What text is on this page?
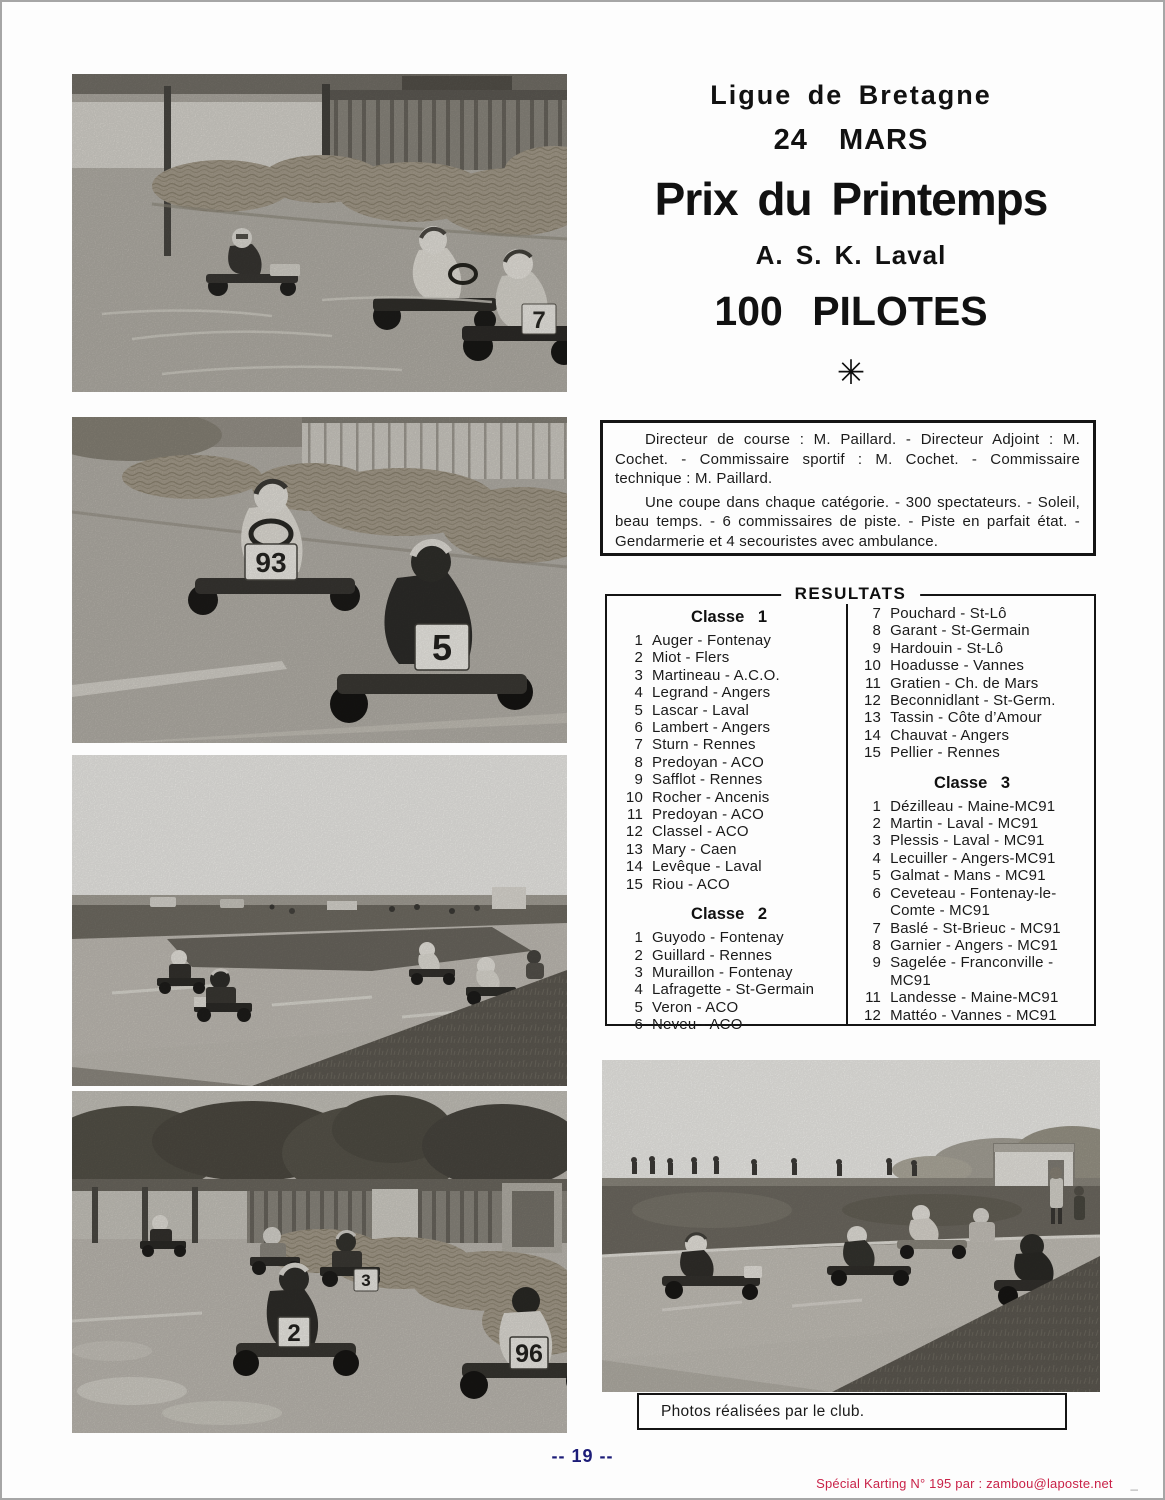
7
93
5
3
2
96
Ligue de Bretagne
24 MARS
Prix du Printemps
A. S. K. Laval
100 PILOTES
✳

Directeur de course : M. Paillard. - Directeur Adjoint : M. Cochet. - Commissaire sportif : M. Cochet. - Commissaire technique : M. Paillard.

Une coupe dans chaque catégorie. - 300 spectateurs. - Soleil, beau temps. - 6 commissaires de piste. - Piste en parfait état. - Gendarmerie et 4 secouristes avec ambulance.

RESULTATS
Classe 1
1 Auger - Fontenay
2 Miot - Flers
3 Martineau - A.C.O.
4 Legrand - Angers
5 Lascar - Laval
6 Lambert - Angers
7 Sturn - Rennes
8 Predoyan - ACO
9 Safflot - Rennes
10 Rocher - Ancenis
11 Predoyan - ACO
12 Classel - ACO
13 Mary - Caen
14 Levêque - Laval
15 Riou - ACO
Classe 2
1 Guyodo - Fontenay
2 Guillard - Rennes
3 Muraillon - Fontenay
4 Lafragette - St-Germain
5 Veron - ACO
6 Neveu - ACO
7 Pouchard - St-Lô
8 Garant - St-Germain
9 Hardouin - St-Lô
10 Hoadusse - Vannes
11 Gratien - Ch. de Mars
12 Beconnidlant - St-Germ.
13 Tassin - Côte d’Amour
14 Chauvat - Angers
15 Pellier - Rennes
Classe 3
1 Dézilleau - Maine-MC91
2 Martin - Laval - MC91
3 Plessis - Laval - MC91
4 Lecuiller - Angers-MC91
5 Galmat - Mans - MC91
6 Ceveteau - Fontenay-le-Comte - MC91
7 Baslé - St-Brieuc - MC91
8 Garnier - Angers - MC91
9 Sagelée - Franconville - MC91
11 Landesse - Maine-MC91
12 Mattéo - Vannes - MC91
Photos réalisées par le club.
-- 19 --
Spécial Karting N° 195 par : zambou@laposte.net _
